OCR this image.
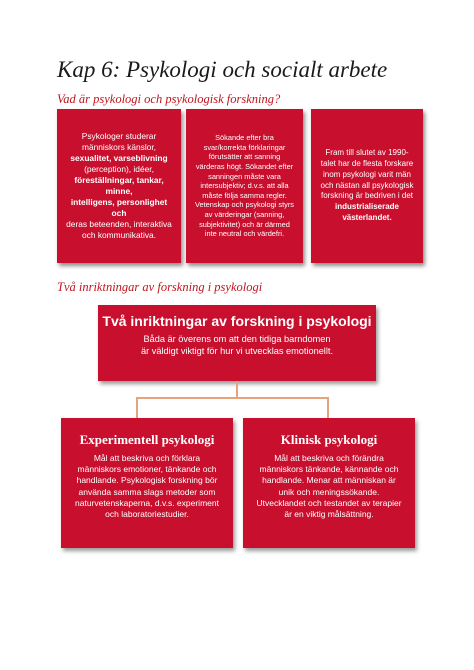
Kap 6: Psykologi och socialt arbete
Vad är psykologi och psykologisk forskning?
Psykologer studerar
människors känslor,
sexualitet, varseblivning
(perception), idéer,
föreställningar, tankar, minne,
intelligens, personlighet och
deras beteenden, interaktiva
och kommunikativa.
Sökande efter bra
svar/korrekta förklaringar
förutsätter att sanning
värderas högt. Sökandet efter
sanningen måste vara
intersubjektiv; d.v.s. att alla
måste följa samma regler.
Vetenskap och psykologi styrs
av värderingar (sanning,
subjektivitet) och är därmed
inte neutral och värdefri.
Fram till slutet av 1990-
talet har de flesta forskare
inom psykologi varit män
och nästan all psykologisk
forskning är bedriven i det
industrialiserade
västerlandet.
Två inriktningar av forskning i psykologi
Två inriktningar av forskning i psykologi
Båda är överens om att den tidiga barndomen
är väldigt viktigt för hur vi utvecklas emotionellt.
Experimentell psykologi
Mål att beskriva och förklara
människors emotioner, tänkande och
handlande. Psykologisk forskning bör
använda samma slags metoder som
naturvetenskaperna, d.v.s. experiment
och laboratoriestudier.
Klinisk psykologi
Mål att beskriva och förändra
människors tänkande, kännande och
handlande. Menar att människan är
unik och meningssökande.
Utvecklandet och testandet av terapier
är en viktig målsättning.
